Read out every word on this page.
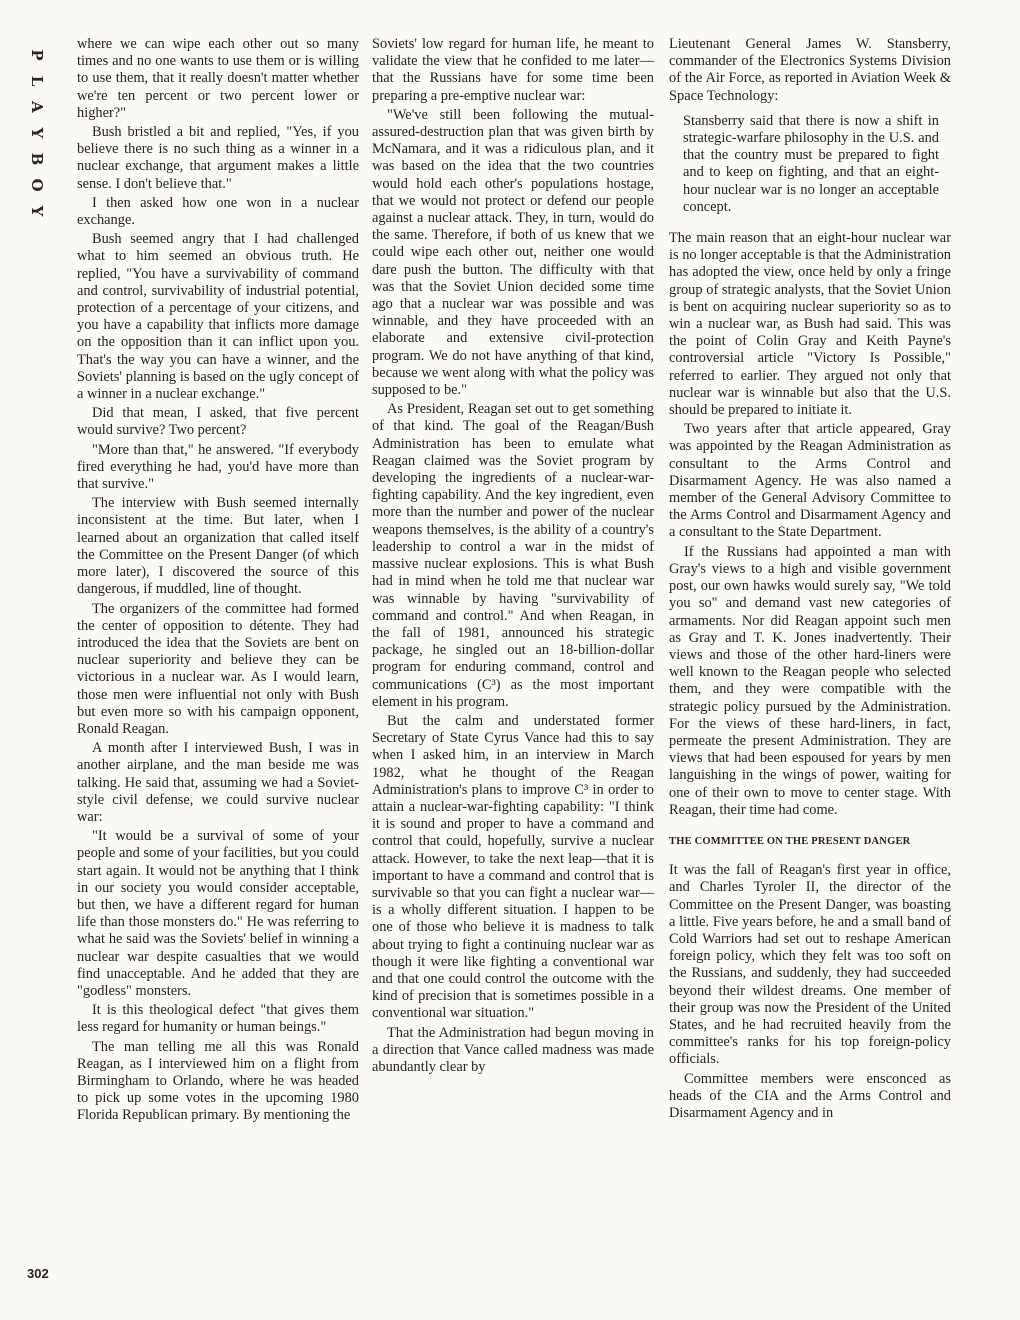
P
L
A
Y
B
O
Y

where we can wipe each other out so many times and no one wants to use them or is willing to use them, that it really doesn't matter whether we're ten percent or two percent lower or higher?"

Bush bristled a bit and replied, "Yes, if you believe there is no such thing as a winner in a nuclear exchange, that argument makes a little sense. I don't believe that."

I then asked how one won in a nuclear exchange.

Bush seemed angry that I had challenged what to him seemed an obvious truth. He replied, "You have a survivability of command and control, survivability of industrial potential, protection of a percentage of your citizens, and you have a capability that inflicts more damage on the opposition than it can inflict upon you. That's the way you can have a winner, and the Soviets' planning is based on the ugly concept of a winner in a nuclear exchange."

Did that mean, I asked, that five percent would survive? Two percent?

"More than that," he answered. "If everybody fired everything he had, you'd have more than that survive."

The interview with Bush seemed internally inconsistent at the time. But later, when I learned about an organization that called itself the Committee on the Present Danger (of which more later), I discovered the source of this dangerous, if muddled, line of thought.

The organizers of the committee had formed the center of opposition to détente. They had introduced the idea that the Soviets are bent on nuclear superiority and believe they can be victorious in a nuclear war. As I would learn, those men were influential not only with Bush but even more so with his campaign opponent, Ronald Reagan.

A month after I interviewed Bush, I was in another airplane, and the man beside me was talking. He said that, assuming we had a Soviet-style civil defense, we could survive nuclear war:

"It would be a survival of some of your people and some of your facilities, but you could start again. It would not be anything that I think in our society you would consider acceptable, but then, we have a different regard for human life than those monsters do." He was referring to what he said was the Soviets' belief in winning a nuclear war despite casualties that we would find unacceptable. And he added that they are "godless" monsters.

It is this theological defect "that gives them less regard for humanity or human beings."

The man telling me all this was Ronald Reagan, as I interviewed him on a flight from Birmingham to Orlando, where he was headed to pick up some votes in the upcoming 1980 Florida Republican primary. By mentioning the

Soviets' low regard for human life, he meant to validate the view that he confided to me later—that the Russians have for some time been preparing a pre-emptive nuclear war:

"We've still been following the mutual-assured-destruction plan that was given birth by McNamara, and it was a ridiculous plan, and it was based on the idea that the two countries would hold each other's populations hostage, that we would not protect or defend our people against a nuclear attack. They, in turn, would do the same. Therefore, if both of us knew that we could wipe each other out, neither one would dare push the button. The difficulty with that was that the Soviet Union decided some time ago that a nuclear war was possible and was winnable, and they have proceeded with an elaborate and extensive civil-protection program. We do not have anything of that kind, because we went along with what the policy was supposed to be."

As President, Reagan set out to get something of that kind. The goal of the Reagan/Bush Administration has been to emulate what Reagan claimed was the Soviet program by developing the ingredients of a nuclear-war-fighting capability. And the key ingredient, even more than the number and power of the nuclear weapons themselves, is the ability of a country's leadership to control a war in the midst of massive nuclear explosions. This is what Bush had in mind when he told me that nuclear war was winnable by having "survivability of command and control." And when Reagan, in the fall of 1981, announced his strategic package, he singled out an 18-billion-dollar program for enduring command, control and communications (C³) as the most important element in his program.

But the calm and understated former Secretary of State Cyrus Vance had this to say when I asked him, in an interview in March 1982, what he thought of the Reagan Administration's plans to improve C³ in order to attain a nuclear-war-fighting capability: "I think it is sound and proper to have a command and control that could, hopefully, survive a nuclear attack. However, to take the next leap—that it is important to have a command and control that is survivable so that you can fight a nuclear war—is a wholly different situation. I happen to be one of those who believe it is madness to talk about trying to fight a continuing nuclear war as though it were like fighting a conventional war and that one could control the outcome with the kind of precision that is sometimes possible in a conventional war situation."

That the Administration had begun moving in a direction that Vance called madness was made abundantly clear by

Lieutenant General James W. Stansberry, commander of the Electronics Systems Division of the Air Force, as reported in Aviation Week & Space Technology:

Stansberry said that there is now a shift in strategic-warfare philosophy in the U.S. and that the country must be prepared to fight and to keep on fighting, and that an eight-hour nuclear war is no longer an acceptable concept.

The main reason that an eight-hour nuclear war is no longer acceptable is that the Administration has adopted the view, once held by only a fringe group of strategic analysts, that the Soviet Union is bent on acquiring nuclear superiority so as to win a nuclear war, as Bush had said. This was the point of Colin Gray and Keith Payne's controversial article "Victory Is Possible," referred to earlier. They argued not only that nuclear war is winnable but also that the U.S. should be prepared to initiate it.

Two years after that article appeared, Gray was appointed by the Reagan Administration as consultant to the Arms Control and Disarmament Agency. He was also named a member of the General Advisory Committee to the Arms Control and Disarmament Agency and a consultant to the State Department.

If the Russians had appointed a man with Gray's views to a high and visible government post, our own hawks would surely say, "We told you so" and demand vast new categories of armaments. Nor did Reagan appoint such men as Gray and T. K. Jones inadvertently. Their views and those of the other hard-liners were well known to the Reagan people who selected them, and they were compatible with the strategic policy pursued by the Administration. For the views of these hard-liners, in fact, permeate the present Administration. They are views that had been espoused for years by men languishing in the wings of power, waiting for one of their own to move to center stage. With Reagan, their time had come.

THE COMMITTEE ON THE PRESENT DANGER

It was the fall of Reagan's first year in office, and Charles Tyroler II, the director of the Committee on the Present Danger, was boasting a little. Five years before, he and a small band of Cold Warriors had set out to reshape American foreign policy, which they felt was too soft on the Russians, and suddenly, they had succeeded beyond their wildest dreams. One member of their group was now the President of the United States, and he had recruited heavily from the committee's ranks for his top foreign-policy officials.

Committee members were ensconced as heads of the CIA and the Arms Control and Disarmament Agency and in

302
